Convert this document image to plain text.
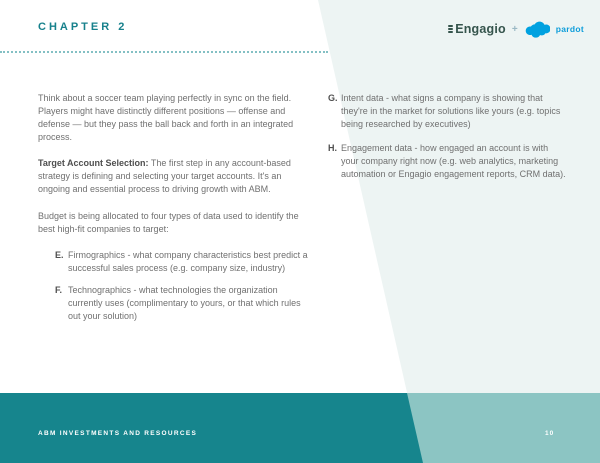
CHAPTER 2	Engagio +	pardot

Think about a soccer team playing perfectly in sync on the field. Players might have distinctly different positions — offense and defense — but they pass the ball back and forth in an integrated process.

Target Account Selection: The first step in any account-based strategy is defining and selecting your target accounts. It's an ongoing and essential process to driving growth with ABM.

Budget is being allocated to four types of data used to identify the best high-fit companies to target:

E. Firmographics - what company characteristics best predict a successful sales process (e.g. company size, industry)
F. Technographics - what technologies the organization currently uses (complimentary to yours, or that which rules out your solution)
G. Intent data - what signs a company is showing that they're in the market for solutions like yours (e.g. topics being researched by executives)
H. Engagement data - how engaged an account is with your company right now (e.g. web analytics, marketing automation or Engagio engagement reports, CRM data).
ABM INVESTMENTS AND RESOURCES	10
